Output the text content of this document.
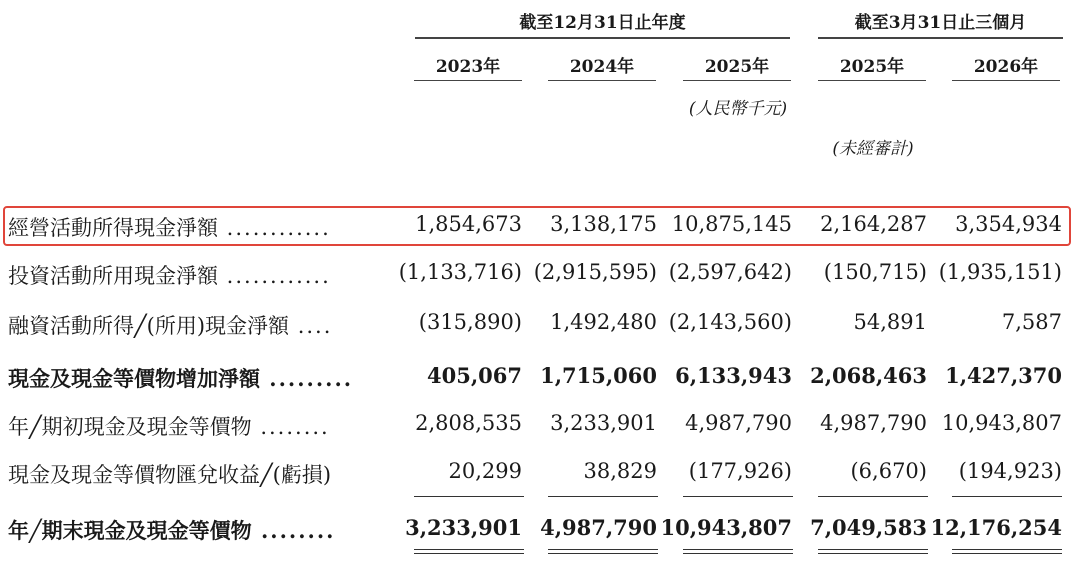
截至12月31日止年度	截至3月31日止三個月
2023年	2024年	2025年	2025年	2026年
(人民幣千元)
(未經審計)
經營活動所得現金淨額 ............	1,854,673	3,138,175 10,875,145	2,164,287	3,354,934
投資活動所用現金淨額 ............	(1,133,716) (2,915,595) (2,597,642)	(150,715) (1,935,151)
融資活動所得╱(所用)現金淨額 ....	(315,890)	1,492,480 (2,143,560)	54,891	7,587
現金及現金等價物增加淨額 .........	405,067 1,715,060 6,133,943 2,068,463 1,427,370
年╱期初現金及現金等價物 ........	2,808,535	3,233,901	4,987,790	4,987,790 10,943,807
現金及現金等價物匯兌收益╱(虧損)	20,299	38,829	(177,926)	(6,670)	(194,923)
年╱期末現金及現金等價物 ........	3,233,901 4,987,790 10,943,807 7,049,583 12,176,254
